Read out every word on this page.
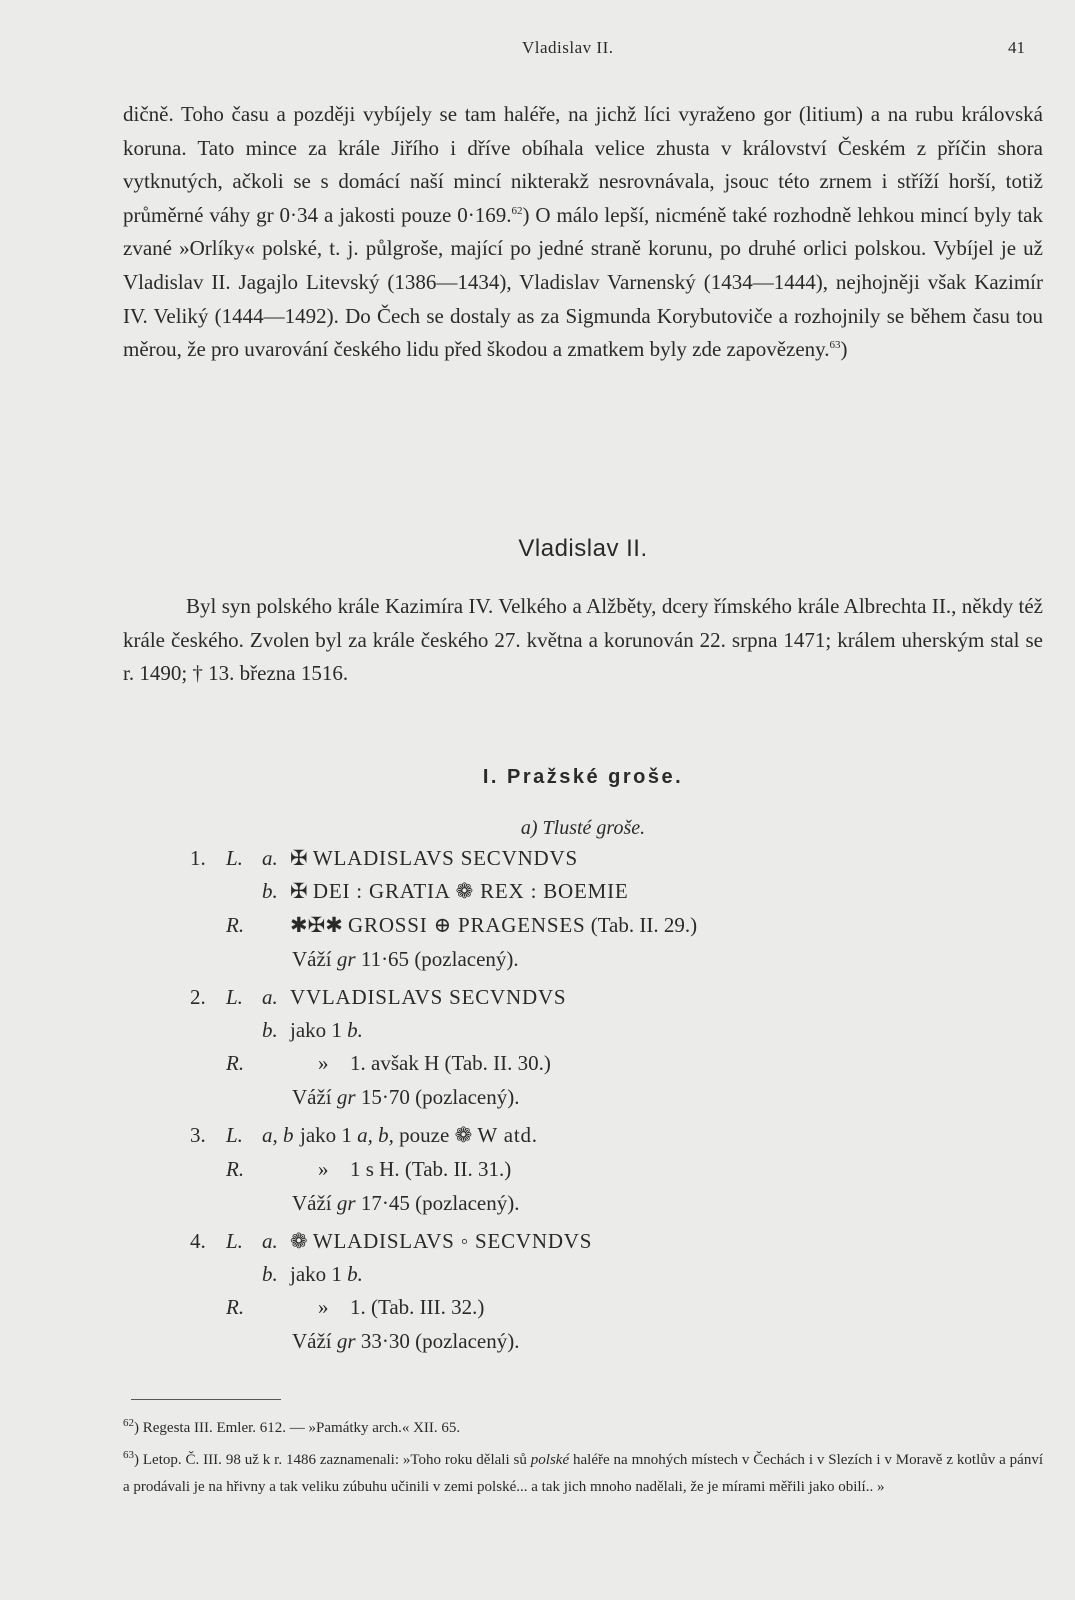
Vladislav II.	41

dičně. Toho času a později vybíjely se tam haléře, na jichž líci vyraženo gor (litium) a na rubu královská koruna. Tato mince za krále Jiřího i dříve obíhala velice zhusta v království Českém z příčin shora vytknutých, ačkoli se s domácí naší mincí nikterakž nesrovnávala, jsouc této zrnem i stříží horší, totiž průměrné váhy gr 0·34 a jakosti pouze 0·169.62) O málo lepší, nicméně také rozhodně lehkou mincí byly tak zvané »Orlíky« polské, t. j. půlgroše, mající po jedné straně korunu, po druhé orlici polskou. Vybíjel je už Vladislav II. Jagajlo Litevský (1386—1434), Vladislav Varnenský (1434—1444), nejhojněji však Kazimír IV. Veliký (1444—1492). Do Čech se dostaly as za Sigmunda Korybutoviče a rozhojnily se během času tou měrou, že pro uvarování českého lidu před škodou a zmatkem byly zde zapovězeny.$^{63}$)

Vladislav II.

Byl syn polského krále Kazimíra IV. Velkého a Alžběty, dcery římského krále Albrechta II., někdy též krále českého. Zvolen byl za krále českého 27. května a korunován 22. srpna 1471; králem uherským stal se r. 1490; † 13. března 1516.

I. Pražské groše.
a) Tlusté groše.
1. L. a. ✠ WLADISLAVS SECVNDVS
b. ✠ DEI : GRATIA ❁ REX : BOEMIE
R. ✱✠✱ GROSSI ⊕ PRAGENSES (Tab. II. 29.)
Váží gr 11·65 (pozlacený).
2. L. a. VVLADISLAVS SECVNDVS
b. jako 1 b.
R.	» 1. avšak H (Tab. II. 30.)
Váží gr 15·70 (pozlacený).
3. L. a, b jako 1 a, b, pouze ❁ W atd.
R.	» 1 s H. (Tab. II. 31.)
Váží gr 17·45 (pozlacený).
4. L. a. ❁ WLADISLAVS ◦ SECVNDVS
b. jako 1 b.
R.	» 1. (Tab. III. 32.)
Váží gr 33·30 (pozlacený).
$^{62}$) Regesta III. Emler. 612. — »Památky arch.« XII. 65.
$^{63}$) Letop. Č. III. 98 už k r. 1486 zaznamenali: »Toho roku dělali sů polské haléře na mnohých místech v Čechách i v Slezích i v Moravě z kotlův a pánví a prodávali je na hřivny a tak veliku zúbuhu učinili v zemi polské... a tak jich mnoho nadělali, že je mírami měřili jako obilí.. »
